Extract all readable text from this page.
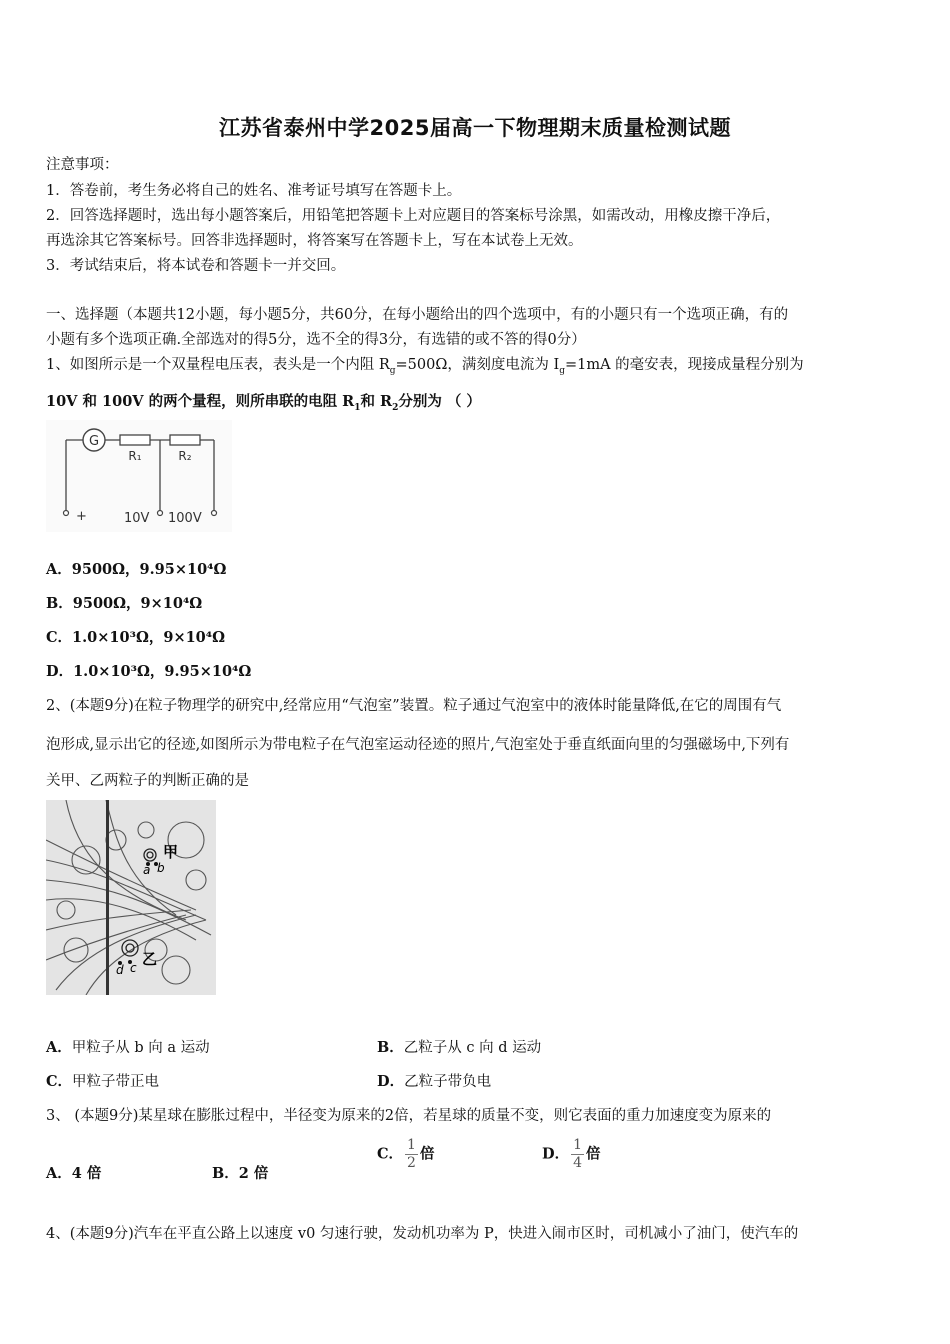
江苏省泰州中学2025届高一下物理期末质量检测试题
注意事项：
1．答卷前，考生务必将自己的姓名、准考证号填写在答题卡上。
2．回答选择题时，选出每小题答案后，用铅笔把答题卡上对应题目的答案标号涂黑，如需改动，用橡皮擦干净后，
再选涂其它答案标号。回答非选择题时，将答案写在答题卡上，写在本试卷上无效。
3．考试结束后，将本试卷和答题卡一并交回。
一、选择题（本题共12小题，每小题5分，共60分，在每小题给出的四个选项中，有的小题只有一个选项正确，有的
小题有多个选项正确.全部选对的得5分，选不全的得3分，有选错的或不答的得0分）
1、如图所示是一个双量程电压表，表头是一个内阻 $R_g=500\Omega$，满刻度电流为 $I_g=1mA$ 的毫安表，现接成量程分别为
10V 和 100V 的两个量程，则所串联的电阻 $R_1$和 $R_2$分别为 （ ）
G
R₁	R₂
+	10V 100V
A．9500Ω，9.95×10⁴Ω
B．9500Ω，9×10⁴Ω
C．1.0×10³Ω，9×10⁴Ω
D．1.0×10³Ω，9.95×10⁴Ω
2、(本题9分)在粒子物理学的研究中,经常应用“气泡室”装置。粒子通过气泡室中的液体时能量降低,在它的周围有气
泡形成,显示出它的径迹,如图所示为带电粒子在气泡室运动径迹的照片,气泡室处于垂直纸面向里的匀强磁场中,下列有
关甲、乙两粒子的判断正确的是
甲
a b
乙
d c
A．甲粒子从 b 向 a 运动	B．乙粒子从 c 向 d 运动
C．甲粒子带正电	D．乙粒子带负电
3、 (本题9分)某星球在膨胀过程中，半径变为原来的2倍，若星球的质量不变，则它表面的重力加速度变为原来的
A．4 倍	B．2 倍
C． $\frac{1}{2}$ 倍	D． $\frac{1}{4}$ 倍
4、(本题9分)汽车在平直公路上以速度 v0 匀速行驶，发动机功率为 P，快进入闹市区时，司机减小了油门，使汽车的
